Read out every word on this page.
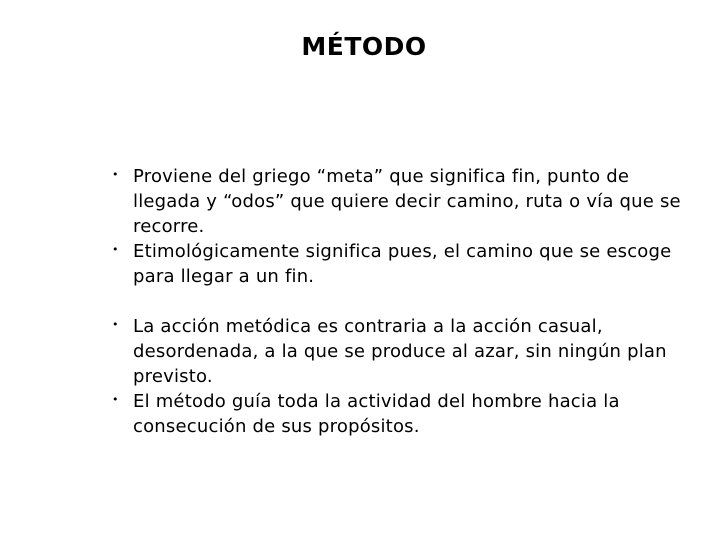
MÉTODO
• Proviene del griego “meta” que significa fin, punto de llegada y “odos” que quiere decir camino, ruta o vía que se recorre.
• Etimológicamente significa pues, el camino que se escoge para llegar a un fin.
• La acción metódica es contraria a la acción casual, desordenada, a la que se produce al azar, sin ningún plan previsto.
• El método guía toda la actividad del hombre hacia la consecución de sus propósitos.
